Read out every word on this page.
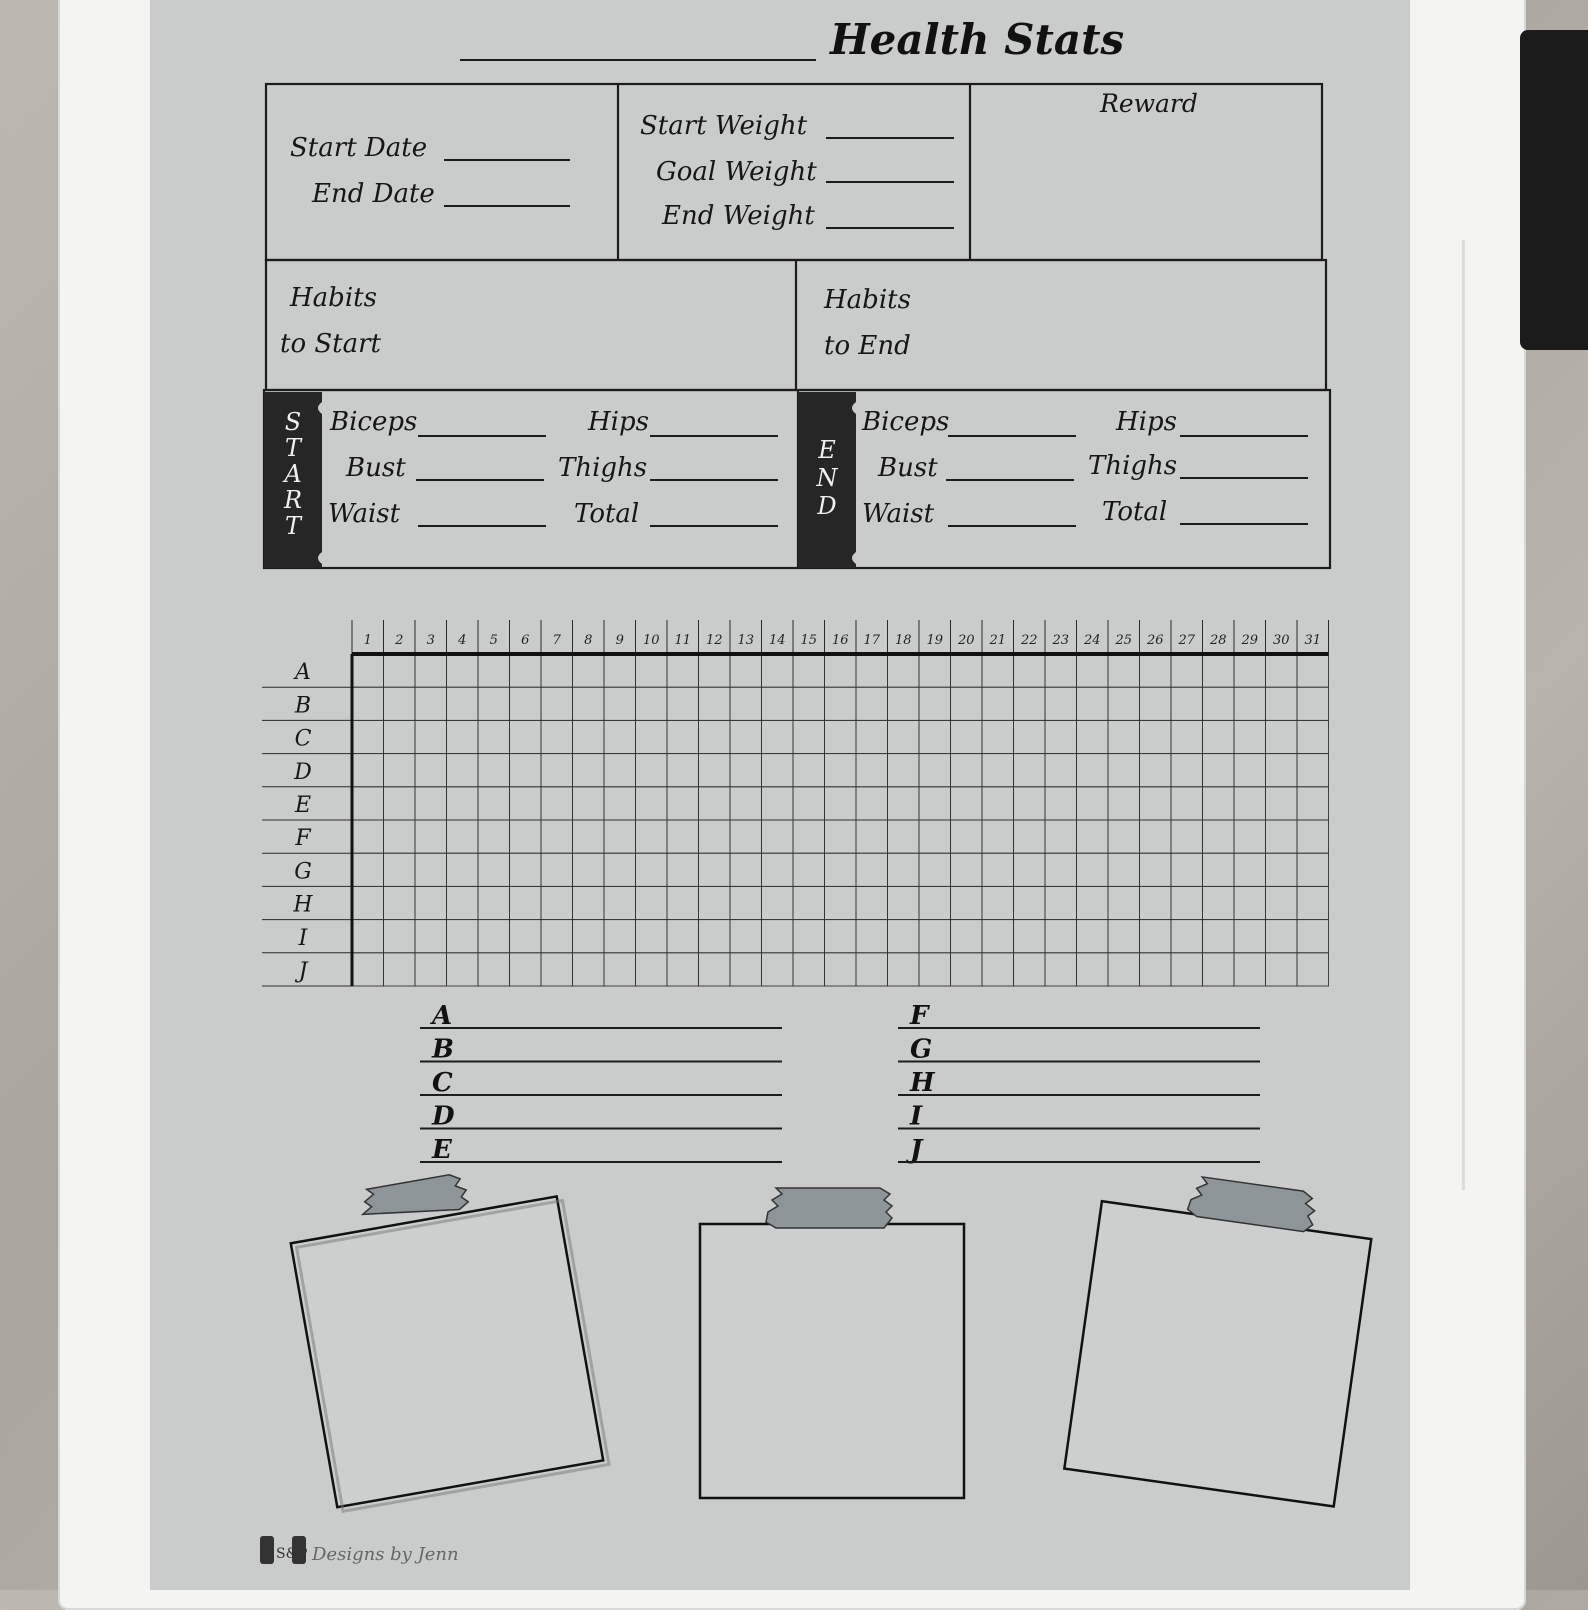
Health Stats
Start Date
End Date
Start Weight
Goal Weight
End Weight
Reward
Habits
to Start
Habits
to End
S
T
A
R
T
Biceps
Bust
Waist
Hips
Thighs
Total
E
N
D
Biceps
Bust
Waist
Hips
Thighs
Total
1 2 3 4 5 6 7 8 9 10 11 12 13 14 15 16 17 18 19 20 21 22 23 24 25 26 27 28 29 30 31
A
B
C
D
E
F
G
H
I
J
A
B
C
D
E
F
G
H
I
J
S&P Designs by Jenn
